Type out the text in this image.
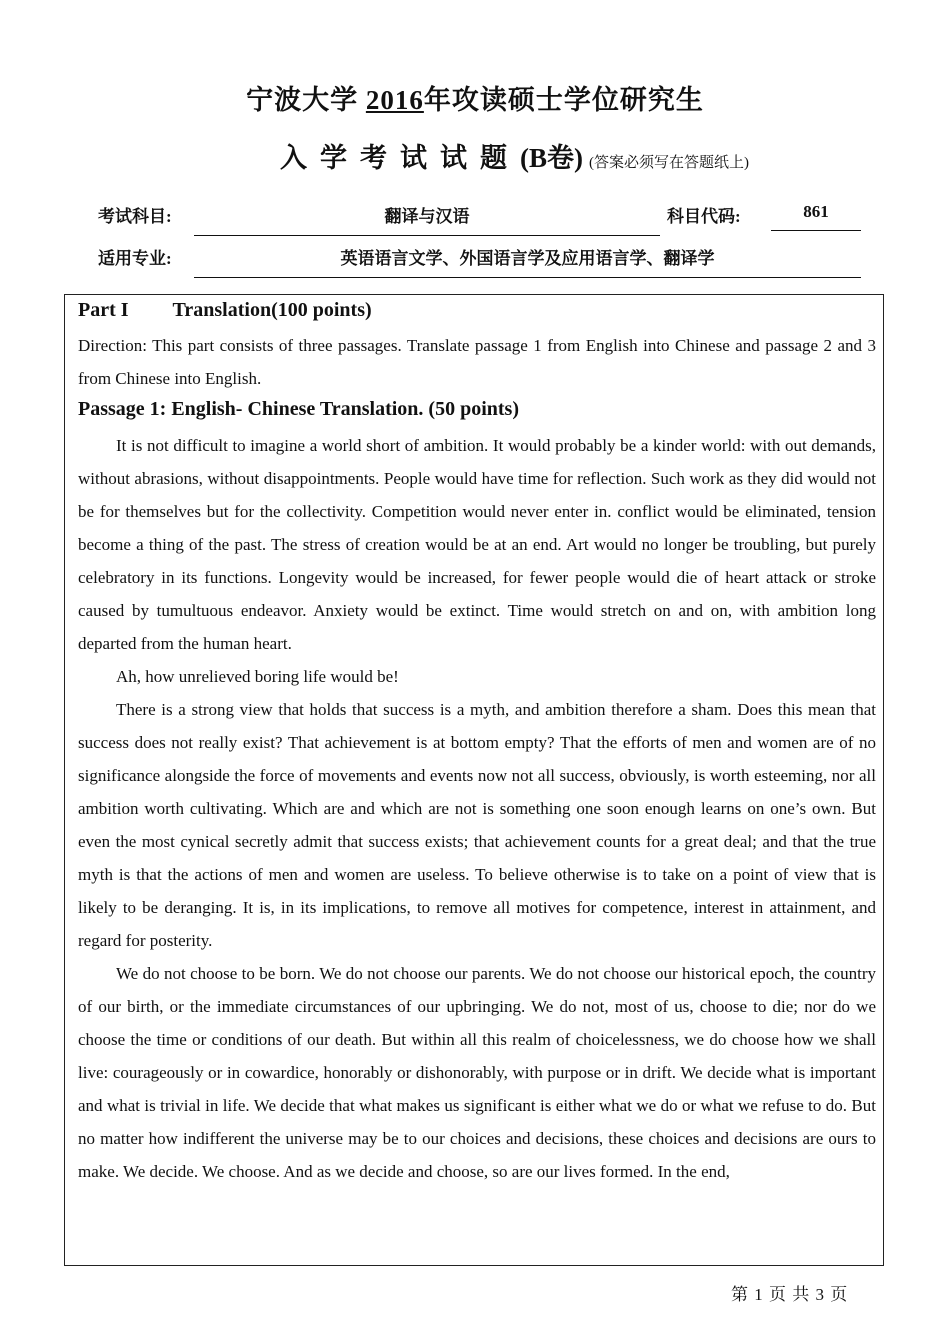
宁波大学 2016年攻读硕士学位研究生
入学考试试题(B卷) (答案必须写在答题纸上)
考试科目:	翻译与汉语	科目代码:	861
适用专业:	英语语言文学、外国语言学及应用语言学、翻译学
Part I Translation(100 points)
Direction: This part consists of three passages. Translate passage 1 from English into Chinese and passage 2 and 3 from Chinese into English.
Passage 1: English- Chinese Translation. (50 points)

It is not difficult to imagine a world short of ambition. It would probably be a kinder world: with out demands, without abrasions, without disappointments. People would have time for reflection. Such work as they did would not be for themselves but for the collectivity. Competition would never enter in. conflict would be eliminated, tension become a thing of the past. The stress of creation would be at an end. Art would no longer be troubling, but purely celebratory in its functions. Longevity would be increased, for fewer people would die of heart attack or stroke caused by tumultuous endeavor. Anxiety would be extinct. Time would stretch on and on, with ambition long departed from the human heart.

Ah, how unrelieved boring life would be!

There is a strong view that holds that success is a myth, and ambition therefore a sham. Does this mean that success does not really exist? That achievement is at bottom empty? That the efforts of men and women are of no significance alongside the force of movements and events now not all success, obviously, is worth esteeming, nor all ambition worth cultivating. Which are and which are not is something one soon enough learns on one’s own. But even the most cynical secretly admit that success exists; that achievement counts for a great deal; and that the true myth is that the actions of men and women are useless. To believe otherwise is to take on a point of view that is likely to be deranging. It is, in its implications, to remove all motives for competence, interest in attainment, and regard for posterity.

We do not choose to be born. We do not choose our parents. We do not choose our historical epoch, the country of our birth, or the immediate circumstances of our upbringing. We do not, most of us, choose to die; nor do we choose the time or conditions of our death. But within all this realm of choicelessness, we do choose how we shall live: courageously or in cowardice, honorably or dishonorably, with purpose or in drift. We decide what is important and what is trivial in life. We decide that what makes us significant is either what we do or what we refuse to do. But no matter how indifferent the universe may be to our choices and decisions, these choices and decisions are ours to make. We decide. We choose. And as we decide and choose, so are our lives formed. In the end,

第 1 页 共 3 页
